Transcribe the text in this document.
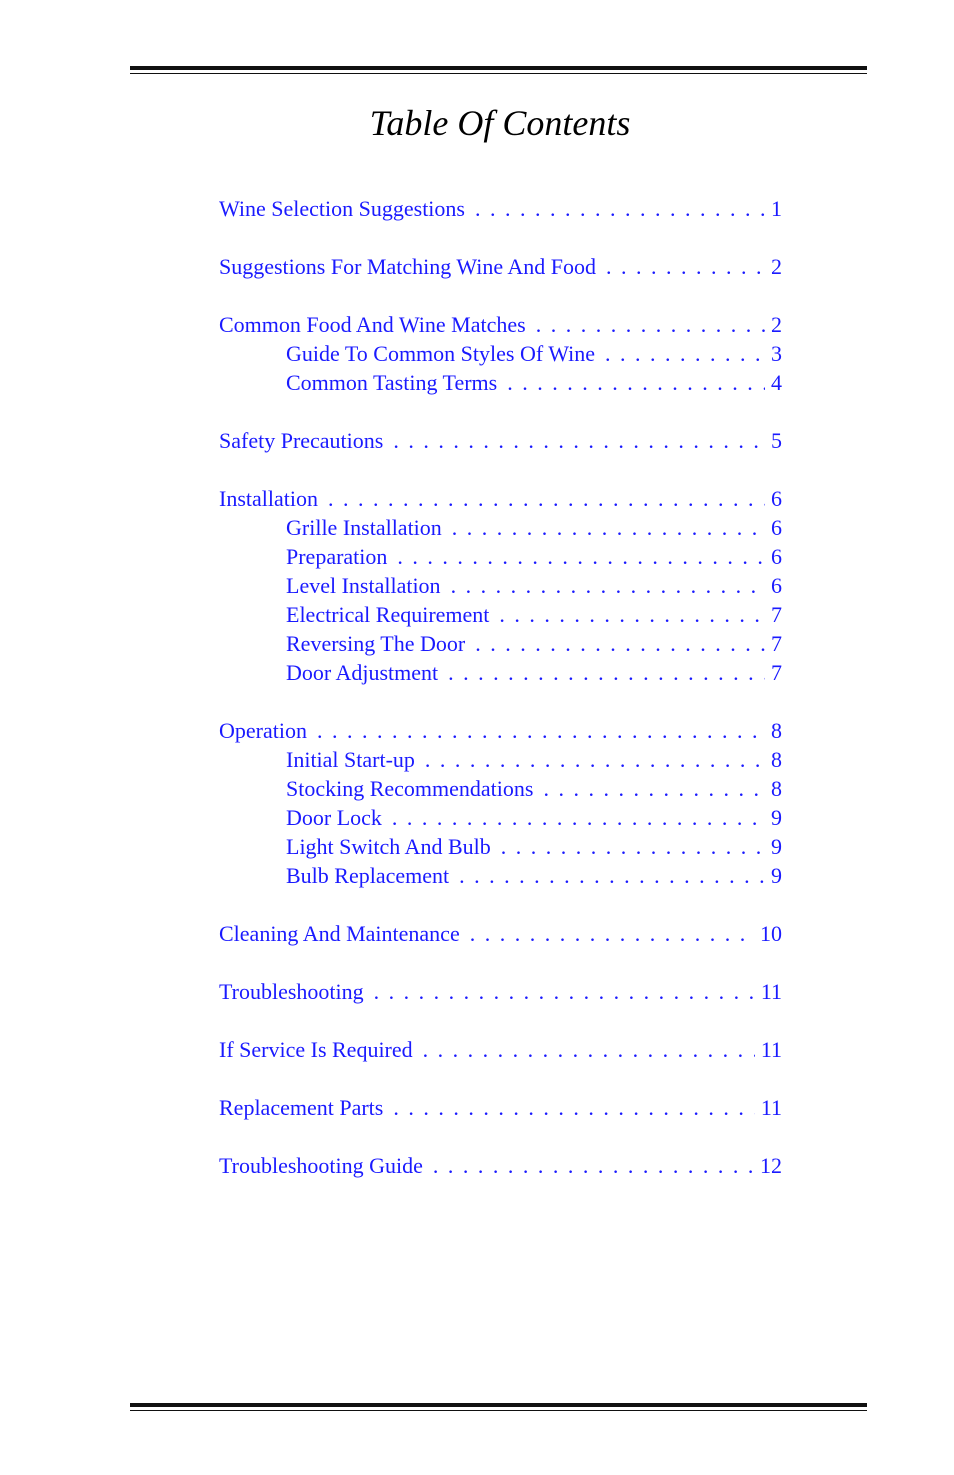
Table Of Contents
Wine Selection Suggestions . . .	1
Suggestions For Matching Wine And Food . . .	2
Common Food And Wine Matches . . .	2
Guide To Common Styles Of Wine . . .	3
Common Tasting Terms . . .	4
Safety Precautions . . .	5
Installation . . .	6
Grille Installation . . .	6
Preparation . . .	6
Level Installation . . .	6
Electrical Requirement . . .	7
Reversing The Door . . .	7
Door Adjustment . . .	7
Operation . . .	8
Initial Start-up . . .	8
Stocking Recommendations . . .	8
Door Lock . . .	9
Light Switch And Bulb . . .	9
Bulb Replacement . . .	9
Cleaning And Maintenance . . .	10
Troubleshooting . . .	11
If Service Is Required . . .	11
Replacement Parts . . .	11
Troubleshooting Guide . . .	12
